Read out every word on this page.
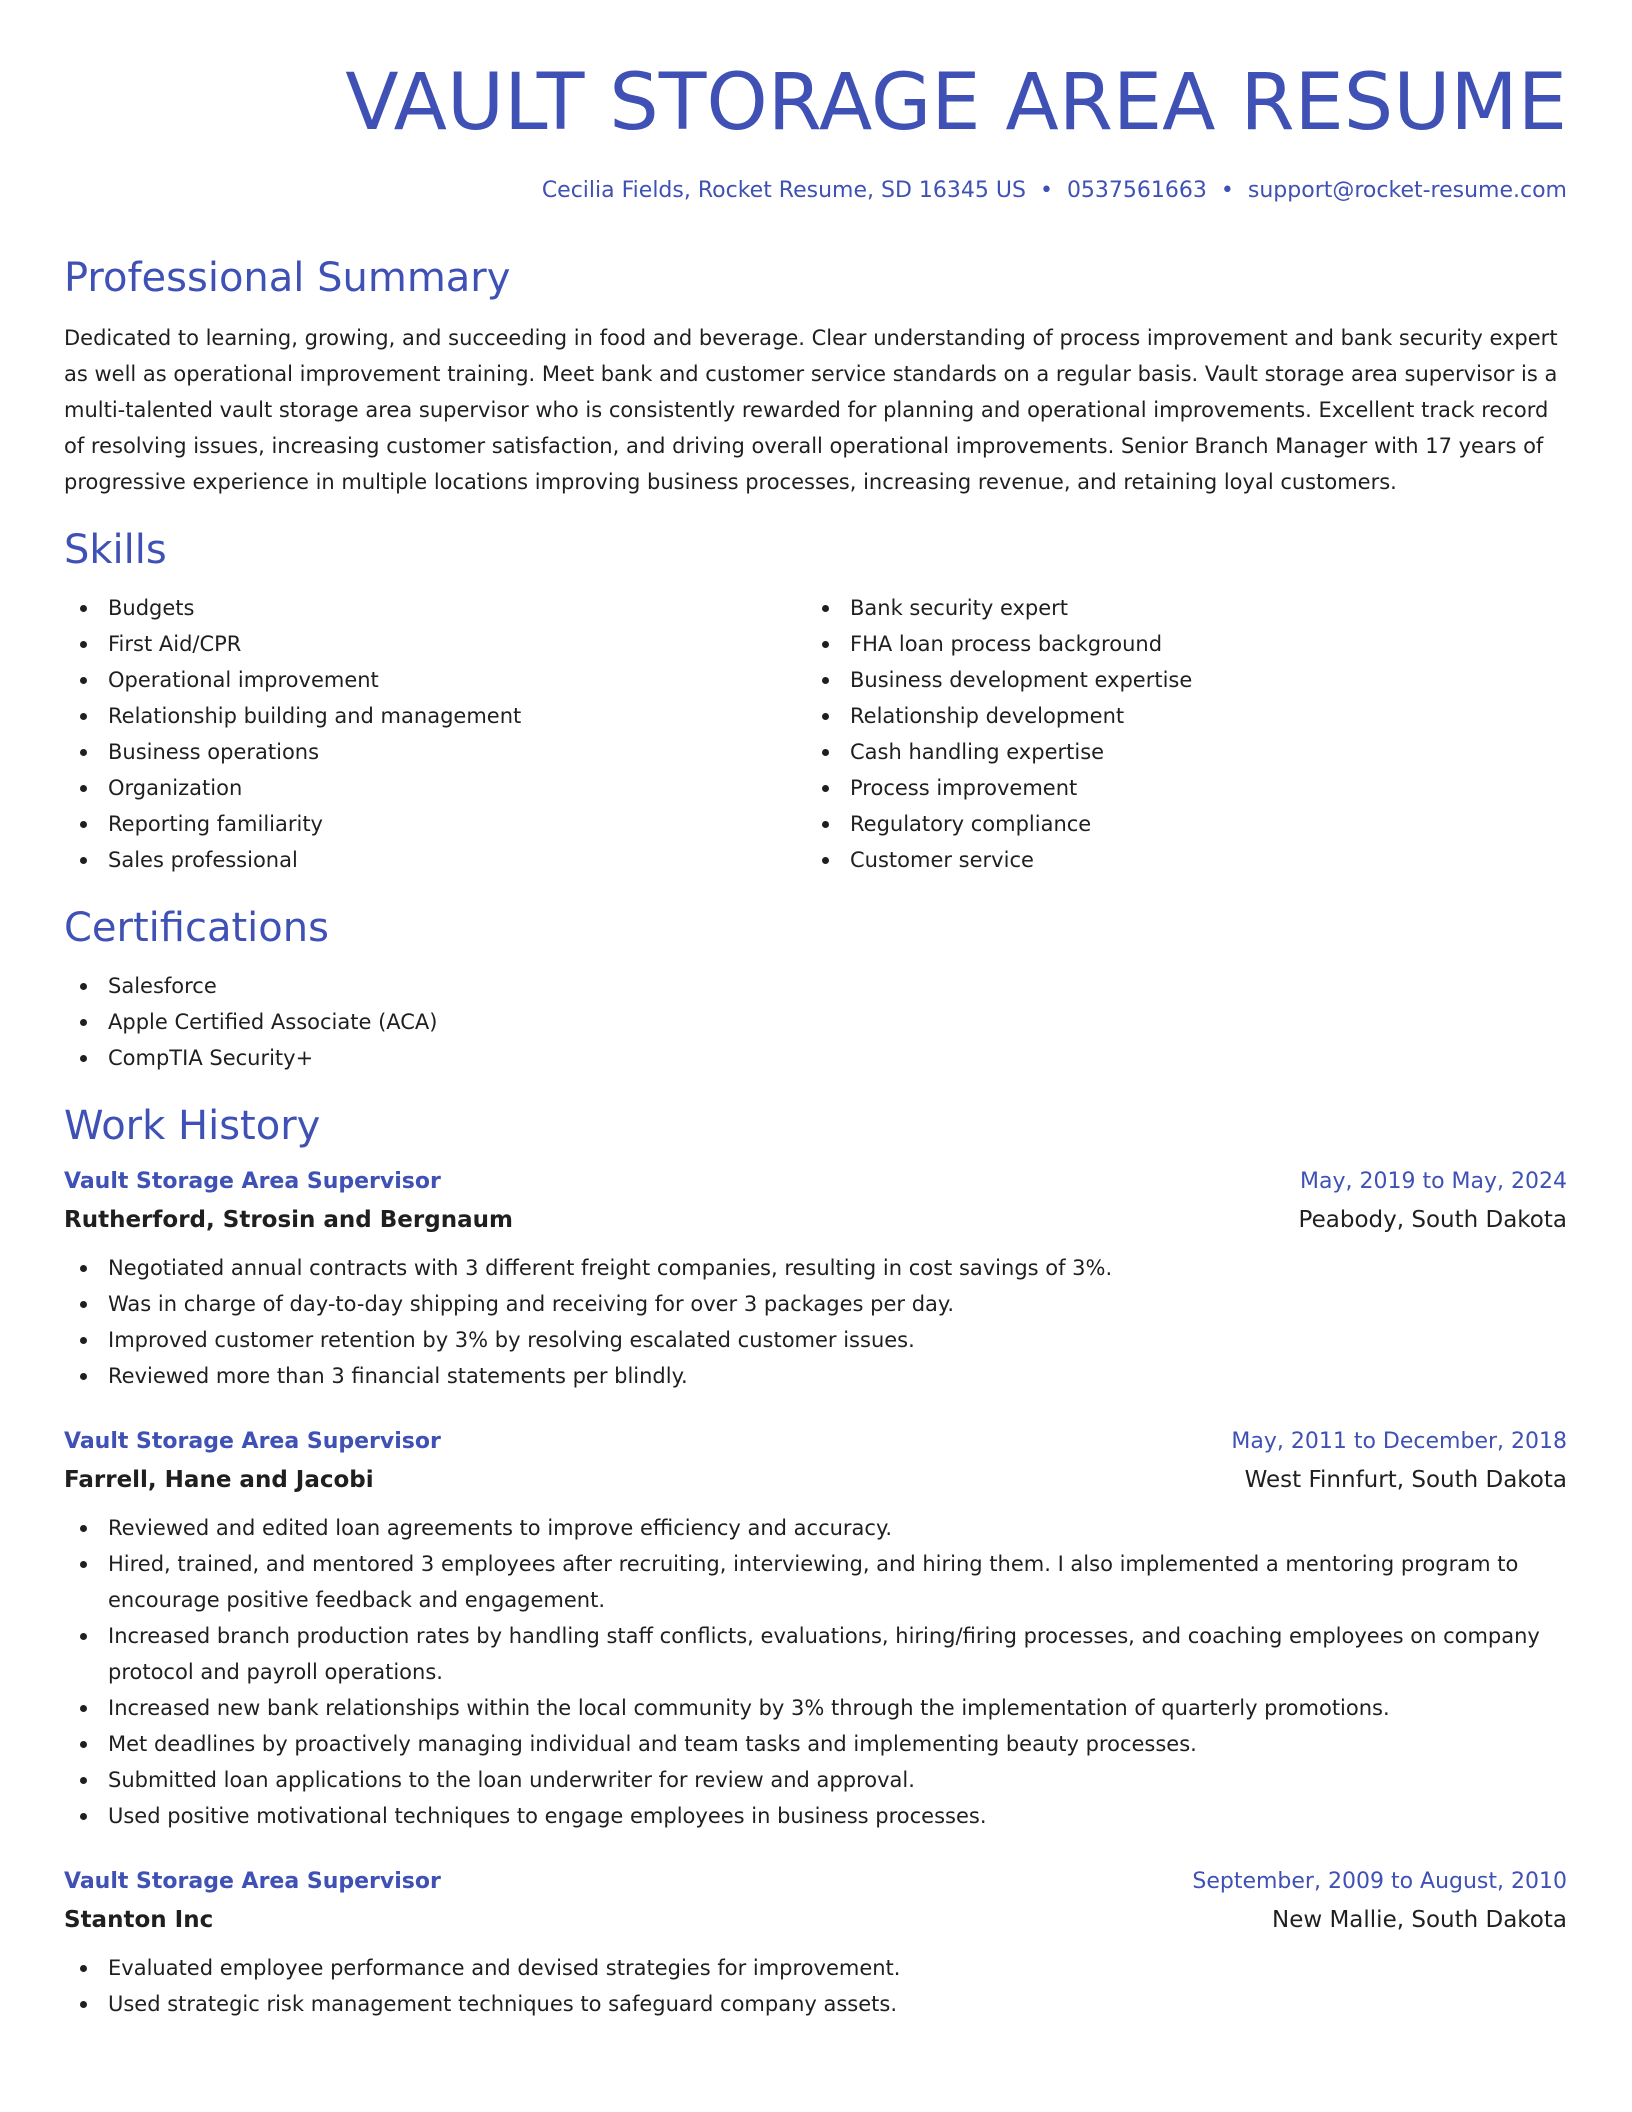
VAULT STORAGE AREA RESUME
Cecilia Fields, Rocket Resume, SD 16345 US • 0537561663 • support@rocket-resume.com
Professional Summary
Dedicated to learning, growing, and succeeding in food and beverage. Clear understanding of process improvement and bank security expert as well as operational improvement training. Meet bank and customer service standards on a regular basis. Vault storage area supervisor is a multi-talented vault storage area supervisor who is consistently rewarded for planning and operational improvements. Excellent track record of resolving issues, increasing customer satisfaction, and driving overall operational improvements. Senior Branch Manager with 17 years of progressive experience in multiple locations improving business processes, increasing revenue, and retaining loyal customers.
Skills
Budgets
First Aid/CPR
Operational improvement
Relationship building and management
Business operations
Organization
Reporting familiarity
Sales professional
Bank security expert
FHA loan process background
Business development expertise
Relationship development
Cash handling expertise
Process improvement
Regulatory compliance
Customer service
Certifications
Salesforce
Apple Certified Associate (ACA)
CompTIA Security+
Work History
Vault Storage Area Supervisor	May, 2019 to May, 2024
Rutherford, Strosin and Bergnaum	Peabody, South Dakota
Negotiated annual contracts with 3 different freight companies, resulting in cost savings of 3%.
Was in charge of day-to-day shipping and receiving for over 3 packages per day.
Improved customer retention by 3% by resolving escalated customer issues.
Reviewed more than 3 financial statements per blindly.
Vault Storage Area Supervisor	May, 2011 to December, 2018
Farrell, Hane and Jacobi	West Finnfurt, South Dakota
Reviewed and edited loan agreements to improve efficiency and accuracy.
Hired, trained, and mentored 3 employees after recruiting, interviewing, and hiring them. I also implemented a mentoring program to encourage positive feedback and engagement.
Increased branch production rates by handling staff conflicts, evaluations, hiring/firing processes, and coaching employees on company protocol and payroll operations.
Increased new bank relationships within the local community by 3% through the implementation of quarterly promotions.
Met deadlines by proactively managing individual and team tasks and implementing beauty processes.
Submitted loan applications to the loan underwriter for review and approval.
Used positive motivational techniques to engage employees in business processes.
Vault Storage Area Supervisor	September, 2009 to August, 2010
Stanton Inc	New Mallie, South Dakota
Evaluated employee performance and devised strategies for improvement.
Used strategic risk management techniques to safeguard company assets.
